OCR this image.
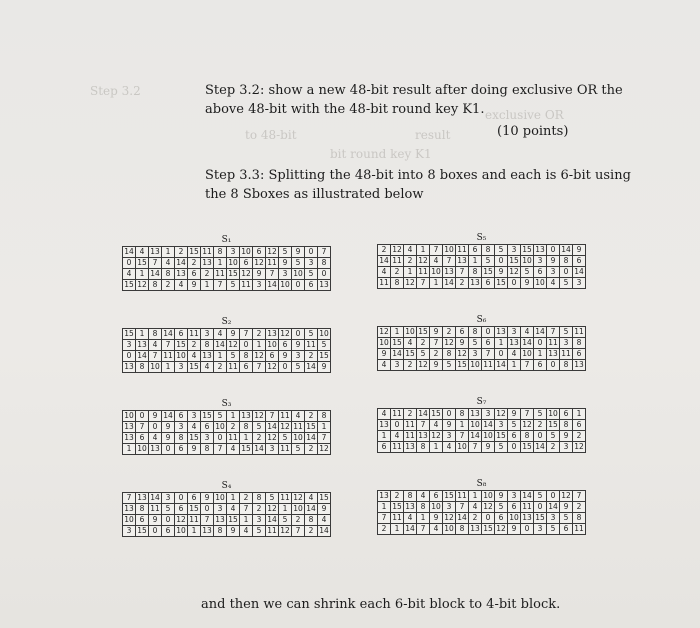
Step 3.2
to 48-bit	result
exclusive OR
bit round key K1
Step 3.2: show a new 48-bit result after doing exclusive OR the
above 48-bit with the 48-bit round key K1.
(10 points)
Step 3.3: Splitting the 48-bit into 8 boxes and each is 6-bit using
the 8 Sboxes as illustrated below
S₁
14	4	13	1	2	15	11	8	3	10	6	12	5	9	0	7
0	15	7	4	14	2	13	1	10	6	12	11	9	5	3	8
4	1	14	8	13	6	2	11	15	12	9	7	3	10	5	0
15	12	8	2	4	9	1	7	5	11	3	14	10	0	6	13
S₂
15	1	8	14	6	11	3	4	9	7	2	13	12	0	5	10
3	13	4	7	15	2	8	14	12	0	1	10	6	9	11	5
0	14	7	11	10	4	13	1	5	8	12	6	9	3	2	15
13	8	10	1	3	15	4	2	11	6	7	12	0	5	14	9
S₃
10	0	9	14	6	3	15	5	1	13	12	7	11	4	2	8
13	7	0	9	3	4	6	10	2	8	5	14	12	11	15	1
13	6	4	9	8	15	3	0	11	1	2	12	5	10	14	7
1	10	13	0	6	9	8	7	4	15	14	3	11	5	2	12
S₄
7	13	14	3	0	6	9	10	1	2	8	5	11	12	4	15
13	8	11	5	6	15	0	3	4	7	2	12	1	10	14	9
10	6	9	0	12	11	7	13	15	1	3	14	5	2	8	4
3	15	0	6	10	1	13	8	9	4	5	11	12	7	2	14
S₅
2	12	4	1	7	10	11	6	8	5	3	15	13	0	14	9
14	11	2	12	4	7	13	1	5	0	15	10	3	9	8	6
4	2	1	11	10	13	7	8	15	9	12	5	6	3	0	14
11	8	12	7	1	14	2	13	6	15	0	9	10	4	5	3
S₆
12	1	10	15	9	2	6	8	0	13	3	4	14	7	5	11
10	15	4	2	7	12	9	5	6	1	13	14	0	11	3	8
9	14	15	5	2	8	12	3	7	0	4	10	1	13	11	6
4	3	2	12	9	5	15	10	11	14	1	7	6	0	8	13
S₇
4	11	2	14	15	0	8	13	3	12	9	7	5	10	6	1
13	0	11	7	4	9	1	10	14	3	5	12	2	15	8	6
1	4	11	13	12	3	7	14	10	15	6	8	0	5	9	2
6	11	13	8	1	4	10	7	9	5	0	15	14	2	3	12
S₈
13	2	8	4	6	15	11	1	10	9	3	14	5	0	12	7
1	15	13	8	10	3	7	4	12	5	6	11	0	14	9	2
7	11	4	1	9	12	14	2	0	6	10	13	15	3	5	8
2	1	14	7	4	10	8	13	15	12	9	0	3	5	6	11
and then we can shrink each 6-bit block to 4-bit block.
